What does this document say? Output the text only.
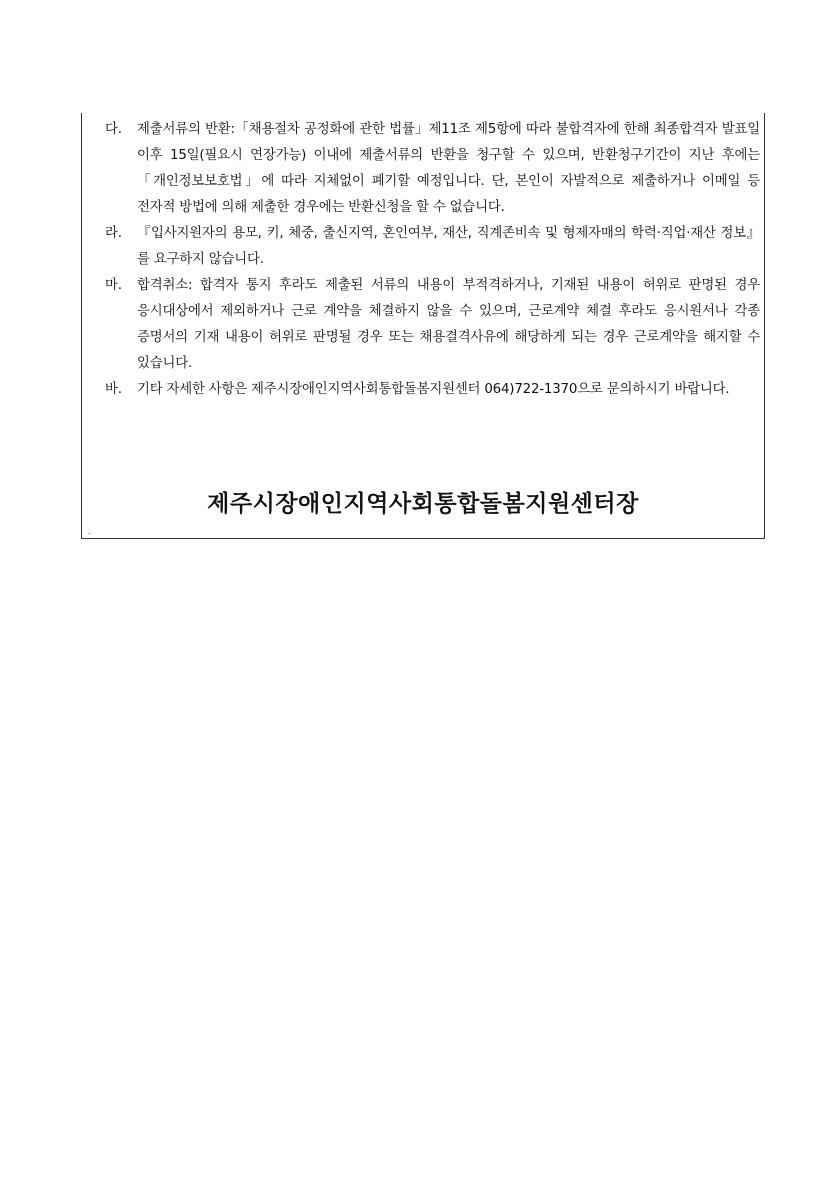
다.	제출서류의 반환:「채용절차 공정화에 관한 법률」제11조 제5항에 따라 불합격자에 한해 최종합격자 발표일 이후 15일(필요시 연장가능) 이내에 제출서류의 반환을 청구할 수 있으며, 반환청구기간이 지난 후에는 「개인정보보호법」에 따라 지체없이 폐기할 예정입니다. 단, 본인이 자발적으로 제출하거나 이메일 등 전자적 방법에 의해 제출한 경우에는 반환신청을 할 수 없습니다.
라.	『입사지원자의 용모, 키, 체중, 출신지역, 혼인여부, 재산, 직계존비속 및 형제자매의 학력‧직업‧재산 정보』를 요구하지 않습니다.
마.	합격취소: 합격자 통지 후라도 제출된 서류의 내용이 부적격하거나, 기재된 내용이 허위로 판명된 경우 응시대상에서 제외하거나 근로 계약을 체결하지 않을 수 있으며, 근로계약 체결 후라도 응시원서나 각종 증명서의 기재 내용이 허위로 판명될 경우 또는 채용결격사유에 해당하게 되는 경우 근로계약을 해지할 수 있습니다.
바.	기타 자세한 사항은 제주시장애인지역사회통합돌봄지원센터 064)722-1370으로 문의하시기 바랍니다.
제주시장애인지역사회통합돌봄지원센터장
.
